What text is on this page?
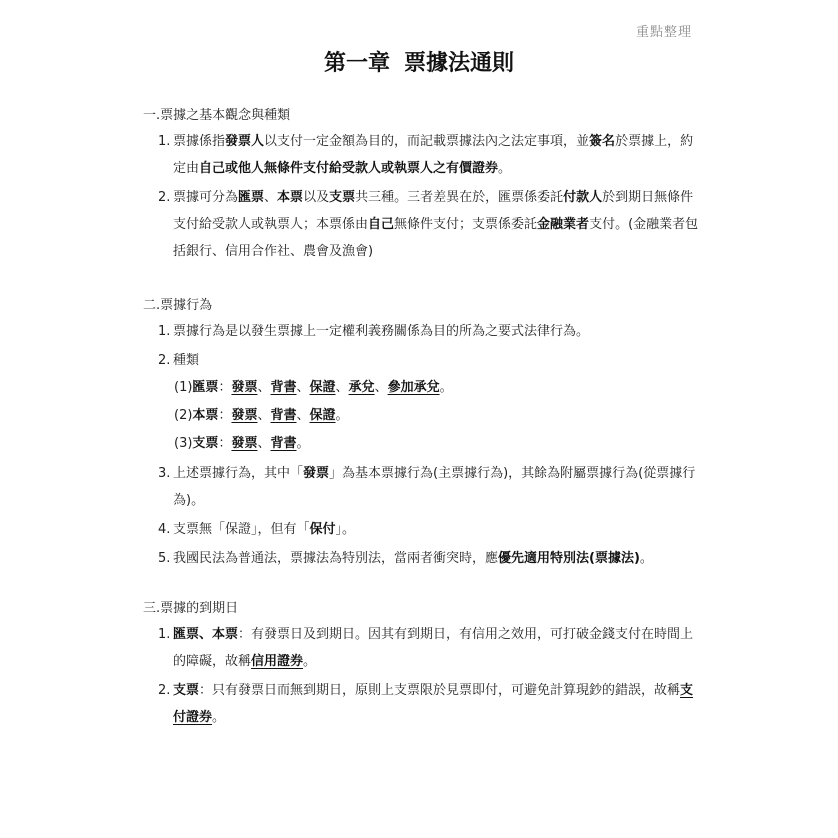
重點整理
第一章 票據法通則
一.票據之基本觀念與種類
1. 票據係指發票人以支付一定金額為目的，而記載票據法內之法定事項，並簽名於票據上，約定由自己或他人無條件支付給受款人或執票人之有價證券。
2. 票據可分為匯票、本票以及支票共三種。三者差異在於，匯票係委託付款人於到期日無條件支付給受款人或執票人；本票係由自己無條件支付；支票係委託金融業者支付。(金融業者包括銀行、信用合作社、農會及漁會)
二.票據行為
1. 票據行為是以發生票據上一定權利義務關係為目的所為之要式法律行為。
2. 種類
(1)匯票：發票、背書、保證、承兌、參加承兌。
(2)本票：發票、背書、保證。
(3)支票：發票、背書。
3. 上述票據行為，其中「發票」為基本票據行為(主票據行為)，其餘為附屬票據行為(從票據行為)。
4. 支票無「保證」，但有「保付」。
5. 我國民法為普通法，票據法為特別法，當兩者衝突時，應優先適用特別法(票據法)。
三.票據的到期日
1. 匯票、本票：有發票日及到期日。因其有到期日，有信用之效用，可打破金錢支付在時間上的障礙，故稱信用證券。
2. 支票：只有發票日而無到期日，原則上支票限於見票即付，可避免計算現鈔的錯誤，故稱支付證券。
